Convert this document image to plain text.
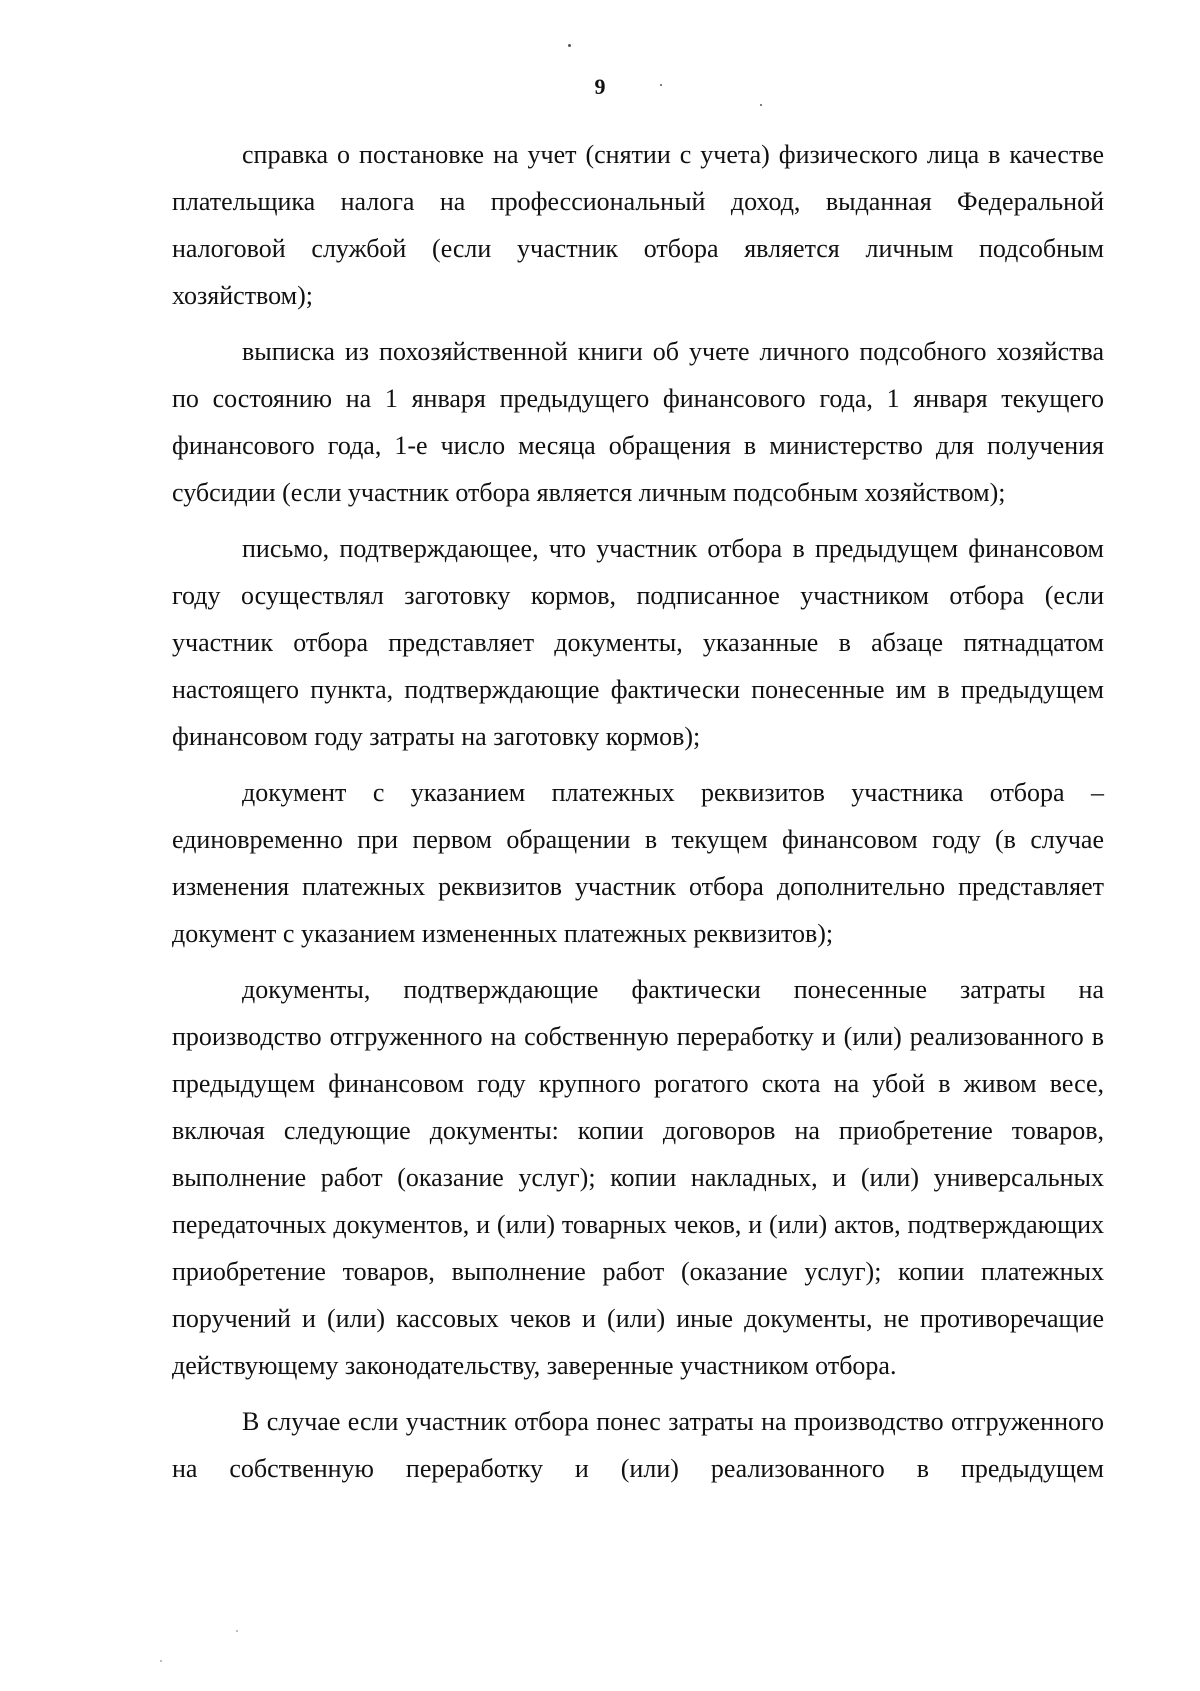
9

справка о постановке на учет (снятии с учета) физического лица в качестве плательщика налога на профессиональный доход, выданная Федеральной налоговой службой (если участник отбора является личным подсобным хозяйством);

выписка из похозяйственной книги об учете личного подсобного хозяйства по состоянию на 1 января предыдущего финансового года, 1 января текущего финансового года, 1-е число месяца обращения в министерство для получения субсидии (если участник отбора является личным подсобным хозяйством);

письмо, подтверждающее, что участник отбора в предыдущем финансовом году осуществлял заготовку кормов, подписанное участником отбора (если участник отбора представляет документы, указанные в абзаце пятнадцатом настоящего пункта, подтверждающие фактически понесенные им в предыдущем финансовом году затраты на заготовку кормов);

документ с указанием платежных реквизитов участника отбора – единовременно при первом обращении в текущем финансовом году (в случае изменения платежных реквизитов участник отбора дополнительно представляет документ с указанием измененных платежных реквизитов);

документы, подтверждающие фактически понесенные затраты на производство отгруженного на собственную переработку и (или) реализованного в предыдущем финансовом году крупного рогатого скота на убой в живом весе, включая следующие документы: копии договоров на приобретение товаров, выполнение работ (оказание услуг); копии накладных, и (или) универсальных передаточных документов, и (или) товарных чеков, и (или) актов, подтверждающих приобретение товаров, выполнение работ (оказание услуг); копии платежных поручений и (или) кассовых чеков и (или) иные документы, не противоречащие действующему законодательству, заверенные участником отбора.

В случае если участник отбора понес затраты на производство отгруженного на собственную переработку и (или) реализованного в предыдущем
